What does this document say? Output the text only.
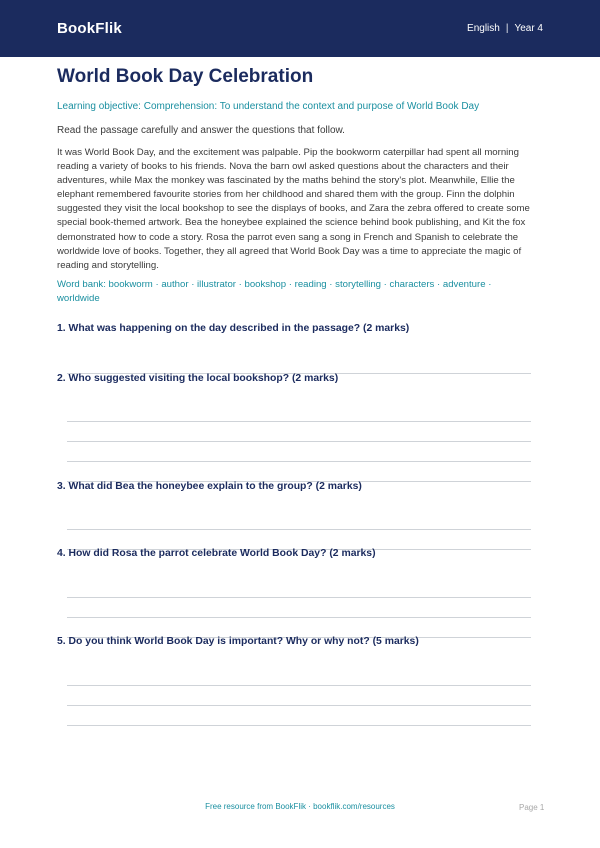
BookFlik	English | Year 4
World Book Day Celebration

Learning objective: Comprehension: To understand the context and purpose of World Book Day

Read the passage carefully and answer the questions that follow.

It was World Book Day, and the excitement was palpable. Pip the bookworm caterpillar had spent all morning reading a variety of books to his friends. Nova the barn owl asked questions about the characters and their adventures, while Max the monkey was fascinated by the maths behind the story's plot. Meanwhile, Ellie the elephant remembered favourite stories from her childhood and shared them with the group. Finn the dolphin suggested they visit the local bookshop to see the displays of books, and Zara the zebra offered to create some special book-themed artwork. Bea the honeybee explained the science behind book publishing, and Kit the fox demonstrated how to code a story. Rosa the parrot even sang a song in French and Spanish to celebrate the worldwide love of books. Together, they all agreed that World Book Day was a time to appreciate the magic of reading and storytelling.

Word bank: bookworm · author · illustrator · bookshop · reading · storytelling · characters · adventure · worldwide

1. What was happening on the day described in the passage? (2 marks)
2. Who suggested visiting the local bookshop? (2 marks)
3. What did Bea the honeybee explain to the group? (2 marks)
4. How did Rosa the parrot celebrate World Book Day? (2 marks)
5. Do you think World Book Day is important? Why or why not? (5 marks)
Free resource from BookFlik · bookflik.com/resources	Page 1
